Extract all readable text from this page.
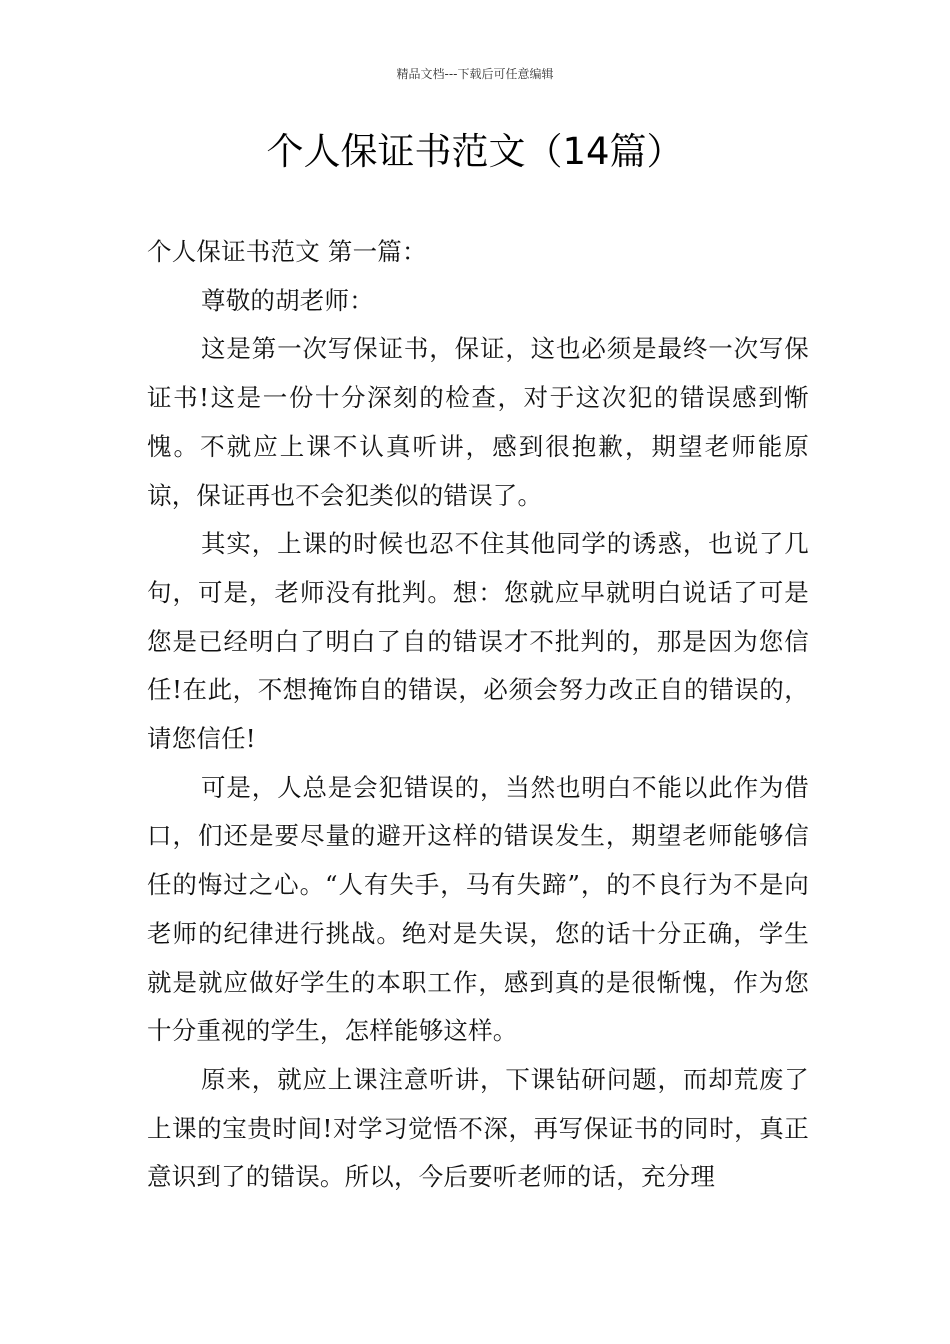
精品文档---下载后可任意编辑
个人保证书范文（14篇）

个人保证书范文 第一篇：

尊敬的胡老师：

这是第一次写保证书，保证，这也必须是最终一次写保证书!这是一份十分深刻的检查，对于这次犯的错误感到惭愧。不就应上课不认真听讲，感到很抱歉，期望老师能原谅，保证再也不会犯类似的错误了。

其实，上课的时候也忍不住其他同学的诱惑，也说了几句，可是，老师没有批判。想：您就应早就明白说话了可是您是已经明白了明白了自的错误才不批判的，那是因为您信任!在此，不想掩饰自的错误，必须会努力改正自的错误的，请您信任!

可是，人总是会犯错误的，当然也明白不能以此作为借口，们还是要尽量的避开这样的错误发生，期望老师能够信任的悔过之心。“人有失手，马有失蹄”，的不良行为不是向老师的纪律进行挑战。绝对是失误，您的话十分正确，学生就是就应做好学生的本职工作，感到真的是很惭愧，作为您十分重视的学生，怎样能够这样。

原来，就应上课注意听讲，下课钻研问题，而却荒废了上课的宝贵时间!对学习觉悟不深，再写保证书的同时，真正意识到了的错误。所以，今后要听老师的话，充分理
